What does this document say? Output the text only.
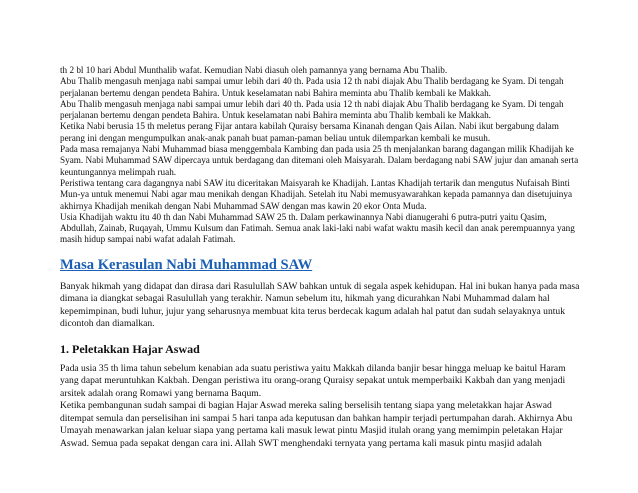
th 2 bl 10 hari Abdul Munthalib wafat. Kemudian Nabi diasuh oleh pamannya yang bernama Abu Thalib.

Abu Thalib mengasuh menjaga nabi sampai umur lebih dari 40 th. Pada usia 12 th nabi diajak Abu Thalib berdagang ke Syam. Di tengah perjalanan bertemu dengan pendeta Bahira. Untuk keselamatan nabi Bahira meminta abu Thalib kembali ke Makkah.

Abu Thalib mengasuh menjaga nabi sampai umur lebih dari 40 th. Pada usia 12 th nabi diajak Abu Thalib berdagang ke Syam. Di tengah perjalanan bertemu dengan pendeta Bahira. Untuk keselamatan nabi Bahira meminta abu Thalib kembali ke Makkah.

Ketika Nabi berusia 15 th meletus perang Fijar antara kabilah Quraisy bersama Kinanah dengan Qais Ailan. Nabi ikut bergabung dalam perang ini dengan mengumpulkan anak-anak panah buat paman-paman beliau untuk dilemparkan kembali ke musuh.

Pada masa remajanya Nabi Muhammad biasa menggembala Kambing dan pada usia 25 th menjalankan barang dagangan milik Khadijah ke Syam. Nabi Muhammad SAW dipercaya untuk berdagang dan ditemani oleh Maisyarah. Dalam berdagang nabi SAW jujur dan amanah serta keuntungannya melimpah ruah.

Peristiwa tentang cara dagangnya nabi SAW itu diceritakan Maisyarah ke Khadijah. Lantas Khadijah tertarik dan mengutus Nufaisah Binti Mun-ya untuk menemui Nabi agar mau menikah dengan Khadijah. Setelah itu Nabi memusyawarahkan kepada pamannya dan disetujuinya akhirnya Khadijah menikah dengan Nabi Muhammad SAW dengan mas kawin 20 ekor Onta Muda.

Usia Khadijah waktu itu 40 th dan Nabi Muhammad SAW 25 th. Dalam perkawinannya Nabi dianugerahi 6 putra-putri yaitu Qasim, Abdullah, Zainab, Ruqayah, Ummu Kulsum dan Fatimah. Semua anak laki-laki nabi wafat waktu masih kecil dan anak perempuannya yang masih hidup sampai nabi wafat adalah Fatimah.

Masa Kerasulan Nabi Muhammad SAW

Banyak hikmah yang didapat dan dirasa dari Rasulullah SAW bahkan untuk di segala aspek kehidupan. Hal ini bukan hanya pada masa dimana ia diangkat sebagai Rasulullah yang terakhir. Namun sebelum itu, hikmah yang dicurahkan Nabi Muhammad dalam hal kepemimpinan, budi luhur, jujur yang seharusnya membuat kita terus berdecak kagum adalah hal patut dan sudah selayaknya untuk dicontoh dan diamalkan.

1. Peletakkan Hajar Aswad

Pada usia 35 th lima tahun sebelum kenabian ada suatu peristiwa yaitu Makkah dilanda banjir besar hingga meluap ke baitul Haram yang dapat meruntuhkan Kakbah. Dengan peristiwa itu orang-orang Quraisy sepakat untuk memperbaiki Kakbah dan yang menjadi arsitek adalah orang Romawi yang bernama Baqum.

Ketika pembangunan sudah sampai di bagian Hajar Aswad mereka saling berselisih tentang siapa yang meletakkan hajar Aswad ditempat semula dan perselisihan ini sampai 5 hari tanpa ada keputusan dan bahkan hampir terjadi pertumpahan darah. Akhirnya Abu Umayah menawarkan jalan keluar siapa yang pertama kali masuk lewat pintu Masjid itulah orang yang memimpin peletakan Hajar Aswad. Semua pada sepakat dengan cara ini. Allah SWT menghendaki ternyata yang pertama kali masuk pintu masjid adalah
